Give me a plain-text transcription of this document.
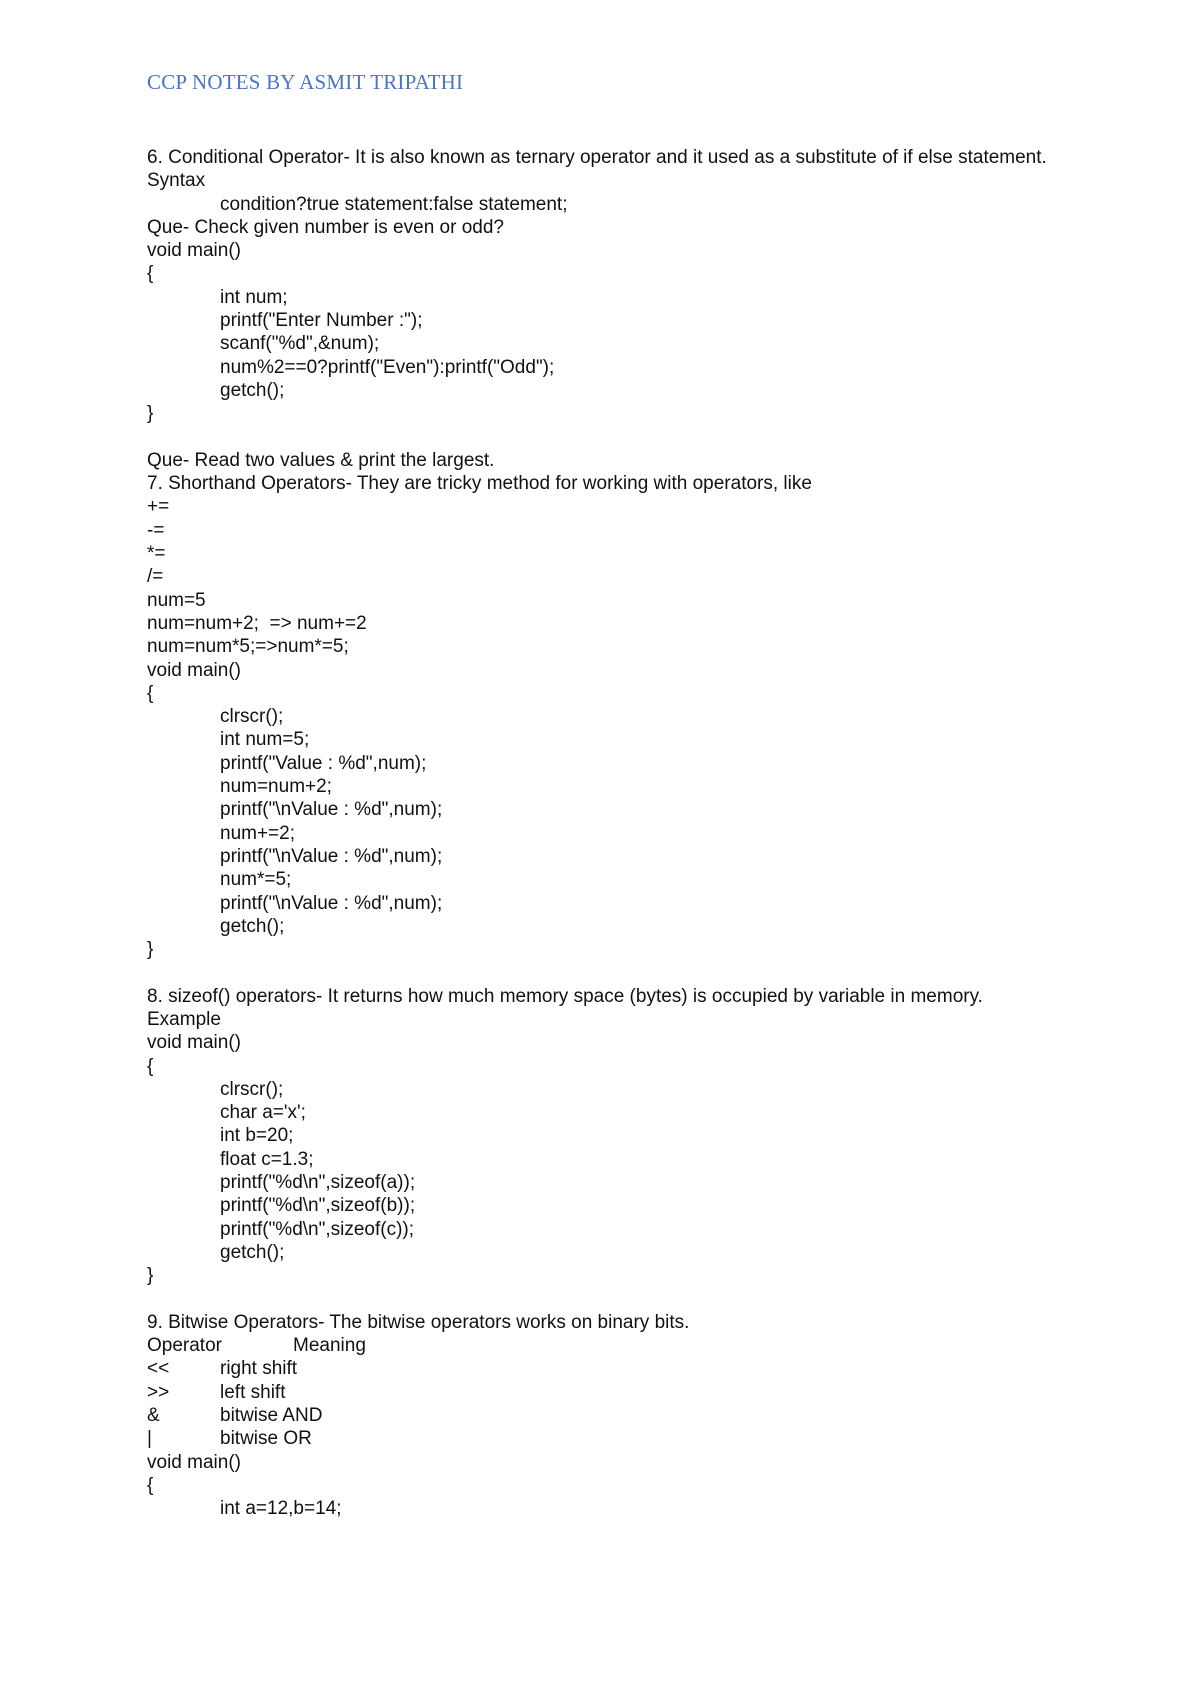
CCP NOTES BY ASMIT TRIPATHI
6. Conditional Operator- It is also known as ternary operator and it used as a substitute of if else statement.
Syntax
condition?true statement:false statement;
Que- Check given number is even or odd?
void main()
{
int num;
printf("Enter Number :");
scanf("%d",&num);
num%2==0?printf("Even"):printf("Odd");
getch();
}
Que- Read two values & print the largest.
7. Shorthand Operators- They are tricky method for working with operators, like
+=
-=
*=
/=
num=5
num=num+2;  => num+=2
num=num*5;=>num*=5;
void main()
{
clrscr();
int num=5;
printf("Value : %d",num);
num=num+2;
printf("\nValue : %d",num);
num+=2;
printf("\nValue : %d",num);
num*=5;
printf("\nValue : %d",num);
getch();
}
8. sizeof() operators- It returns how much memory space (bytes) is occupied by variable in memory.
Example
void main()
{
clrscr();
char a='x';
int b=20;
float c=1.3;
printf("%d\n",sizeof(a));
printf("%d\n",sizeof(b));
printf("%d\n",sizeof(c));
getch();
}
9. Bitwise Operators- The bitwise operators works on binary bits.
Operator	Meaning
<<	right shift
>>	left shift
&	bitwise AND
|	bitwise OR
void main()
{
int a=12,b=14;
